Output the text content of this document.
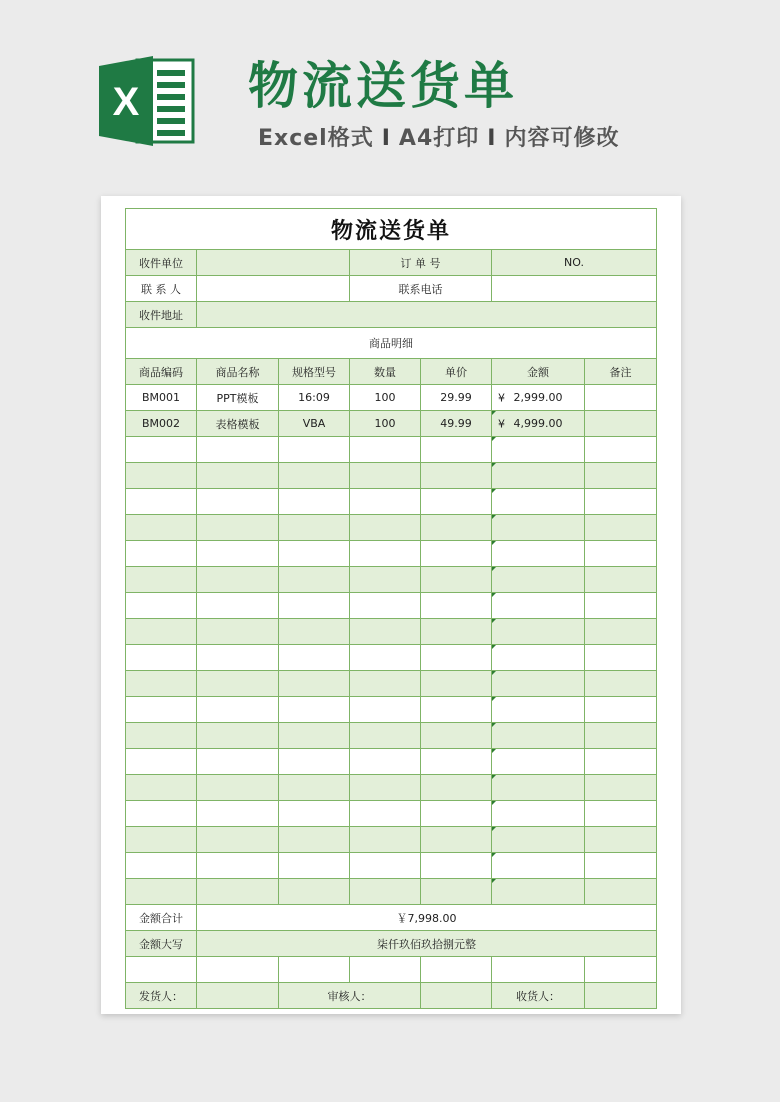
X 物流送货单
Excel格式 I A4打印 I 内容可修改
物流送货单						
收件单位			订 单 号		NO.	
联 系 人			联系电话			
收件地址						
商品明细						
商品编码	商品名称	规格型号	数量	单价	金额	备注
BM001	PPT模板	16:09	100	29.99	¥ 2,999.00	
BM002	表格模板	VBA	100	49.99	¥ 4,999.00	

金额合计	￥7,998.00					
金额大写	柒仟玖佰玖拾捌元整					

发货人：		审核人：			收货人：	
